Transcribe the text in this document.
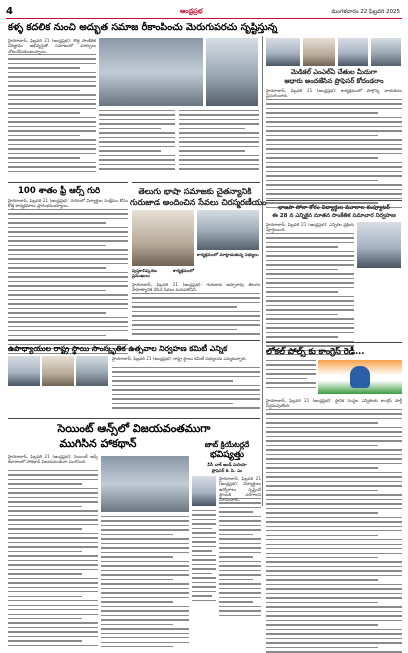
4	ఆంధ్రప్రభ	మంగళవారం 22 ఫిబ్రవరి 2025
కళ్ళ కదలిక నుంచి అద్భుత సమాజ రీకాంపించు మెరుగుపరచు సృష్టిస్తున్న
హైదరాబాద్, ఫిబ్రవరి 21 (ఆంధ్రప్రభ): కొత్త సాంకేతిక పరిజ్ఞానం అభివృద్ధితో సమాజంలో మార్పులు చోటుచేసుకుంటున్నాయి.
100 శాతం ఫ్రీ ఆర్స్ గురి
హైదరాబాద్, ఫిబ్రవరి 21 (ఆంధ్రప్రభ): నగరంలో విద్యార్థుల సంక్షేమం కోసం కొత్త కార్యక్రమాలు ప్రారంభమయ్యాయి.
మెడికల్ ఎంఎల్ఏ చేతుల మీదుగా
ఆధారు అందజేసిన ప్రొఫెసర్ కోదండరాం
హైదరాబాద్, ఫిబ్రవరి 21 (ఆంధ్రప్రభ): కార్యక్రమంలో పాల్గొన్న నాయకులు ప్రసంగించారు.
భాజపా సోలా కోరం విద్యార్థుల మూలాల కంప్యూటర్
ఈ 28 న ఎన్నికైన నూతన సాంకేతిక సమాచార నిర్వహణ
హైదరాబాద్, ఫిబ్రవరి 21 (ఆంధ్రప్రభ): ఎన్నికల ప్రక్రియ పూర్తయింది.
తెలుగు భాషా సమాజకు చైతన్యానికి
గురుజాడ అందించిన సేవలు చిరస్మరణీయం
పుస్తకావిష్కరణ కార్యక్రమంలో ప్రముఖులు
కార్యక్రమంలో మాట్లాడుతున్న సభ్యులు
హైదరాబాద్, ఫిబ్రవరి 21 (ఆంధ్రప్రభ): గురుజాడ అప్పారావు తెలుగు సాహిత్యానికి చేసిన సేవలు మరువలేనివి.
ఉపాధ్యాయుల రాష్ట్ర స్థాయి సాంస్కృతిక ఉత్సవాల నిర్వహణ కమిటీ ఎన్నిక
హైదరాబాద్, ఫిబ్రవరి 21 (ఆంధ్రప్రభ): రాష్ట్ర స్థాయి కమిటీ సభ్యులను ఎన్నుకున్నారు.
లోకల్ పోల్స్ కు కాంగ్రెస్ రెడీ...
హైదరాబాద్, ఫిబ్రవరి 21 (ఆంధ్రప్రభ): స్థానిక సంస్థల ఎన్నికలకు కాంగ్రెస్ పార్టీ సిద్ధమవుతోంది.
సెయింట్ ఆన్స్‌లో విజయవంతముగా
ముగిసిన హాకథాన్
హైదరాబాద్, ఫిబ్రవరి 21 (ఆంధ్రప్రభ): సెయింట్ ఆన్స్ కళాశాలలో హాకథాన్ విజయవంతంగా ముగిసింది.
జాబ్ క్రియేటర్లదే
భవిష్యత్తు
వీసీ చాక్ అండ్ సురియా
ప్రొఫెసర్ కె. పి. ఎం
హైదరాబాద్, ఫిబ్రవరి 21 (ఆంధ్రప్రభ): విద్యార్థులు ఉద్యోగాలు సృష్టించే స్థాయికి ఎదగాలని సూచించారు.
